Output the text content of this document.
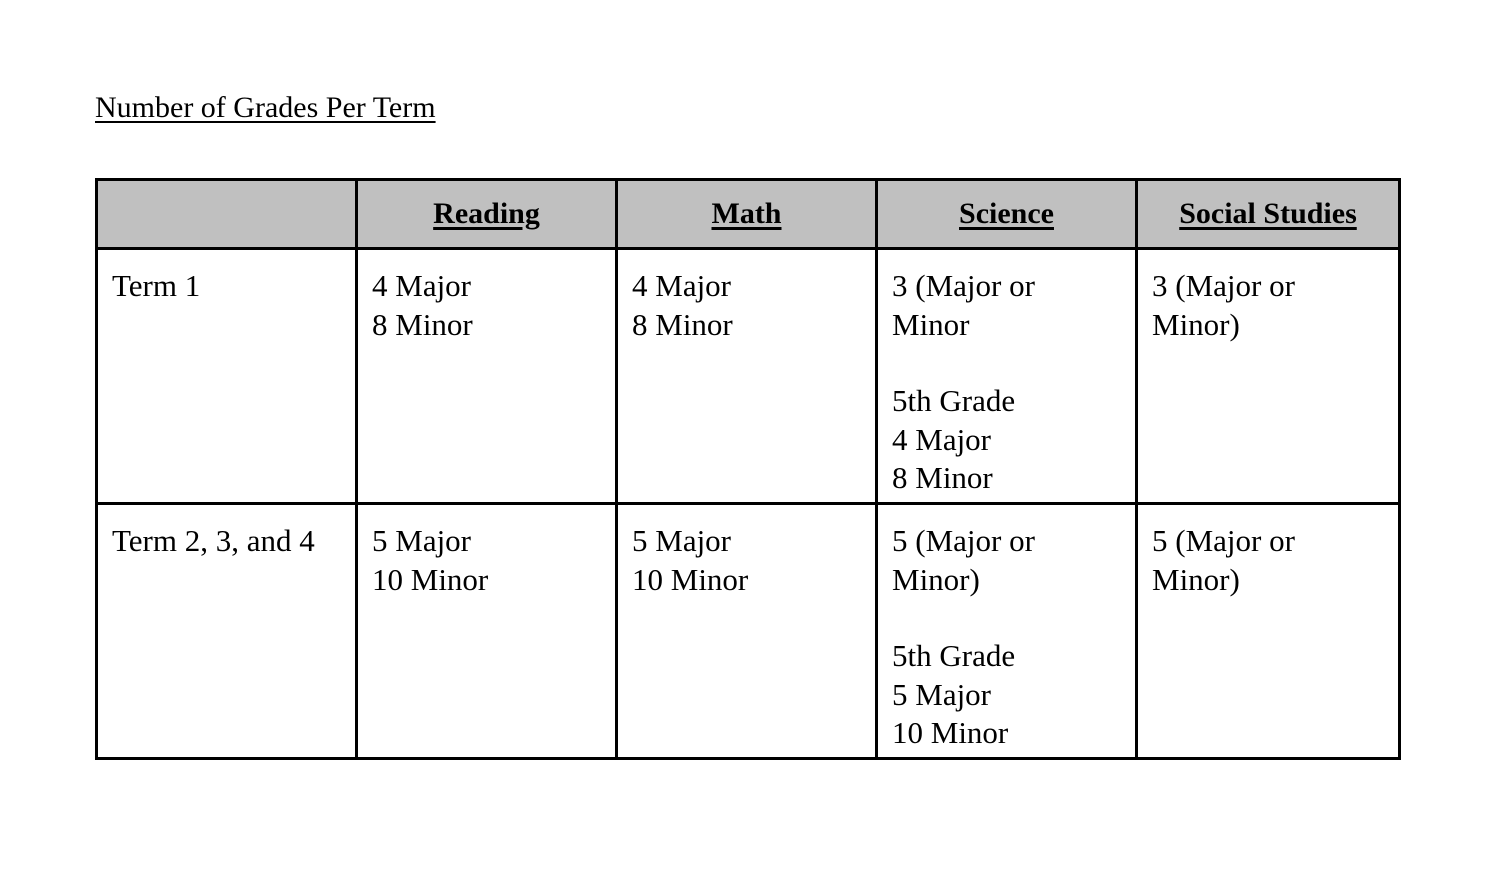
Number of Grades Per Term
	Reading	Math	Science	Social Studies

Term 1	4 Major
8 Minor	4 Major
8 Minor	3 (Major or
Minor
5th Grade
4 Major
8 Minor	3 (Major or
Minor)

Term 2, 3, and 4	5 Major
10 Minor	5 Major
10 Minor	5 (Major or
Minor)
5th Grade
5 Major
10 Minor	5 (Major or
Minor)
